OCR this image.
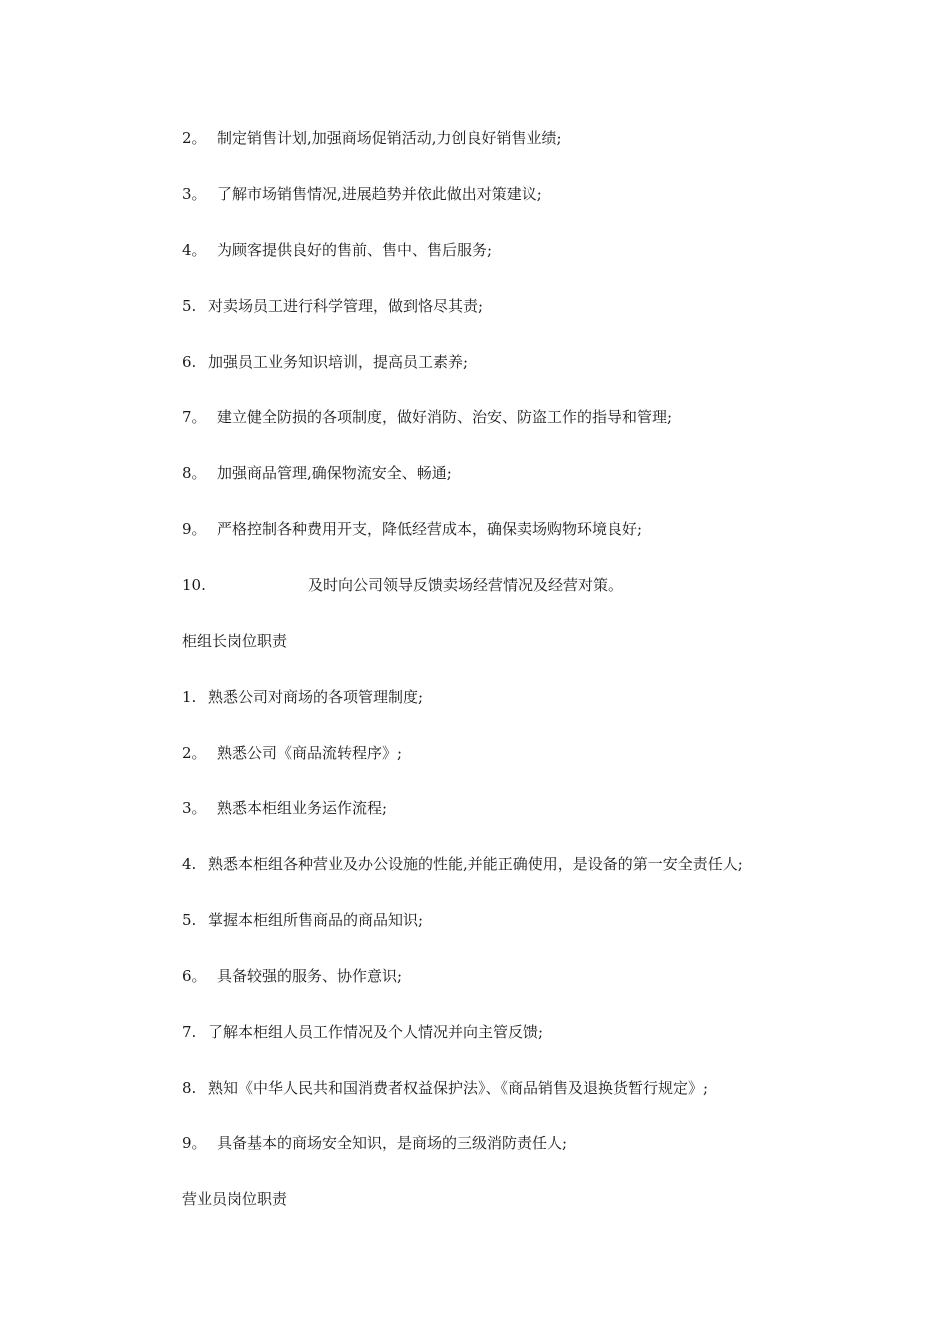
2。 制定销售计划,加强商场促销活动,力创良好销售业绩;
3。 了解市场销售情况,进展趋势并依此做出对策建议;
4。 为顾客提供良好的售前、售中、售后服务;
5. 对卖场员工进行科学管理，做到恪尽其责;
6. 加强员工业务知识培训，提高员工素养;
7。 建立健全防损的各项制度，做好消防、治安、防盗工作的指导和管理;
8。 加强商品管理,确保物流安全、畅通;
9。 严格控制各种费用开支，降低经营成本，确保卖场购物环境良好;
10.	及时向公司领导反馈卖场经营情况及经营对策。
柜组长岗位职责
1. 熟悉公司对商场的各项管理制度;
2。 熟悉公司《商品流转程序》;
3。 熟悉本柜组业务运作流程;
4. 熟悉本柜组各种营业及办公设施的性能,并能正确使用，是设备的第一安全责任人;
5. 掌握本柜组所售商品的商品知识;
6。 具备较强的服务、协作意识;
7. 了解本柜组人员工作情况及个人情况并向主管反馈;
8. 熟知《中华人民共和国消费者权益保护法》、《商品销售及退换货暂行规定》;
9。 具备基本的商场安全知识，是商场的三级消防责任人;
营业员岗位职责
